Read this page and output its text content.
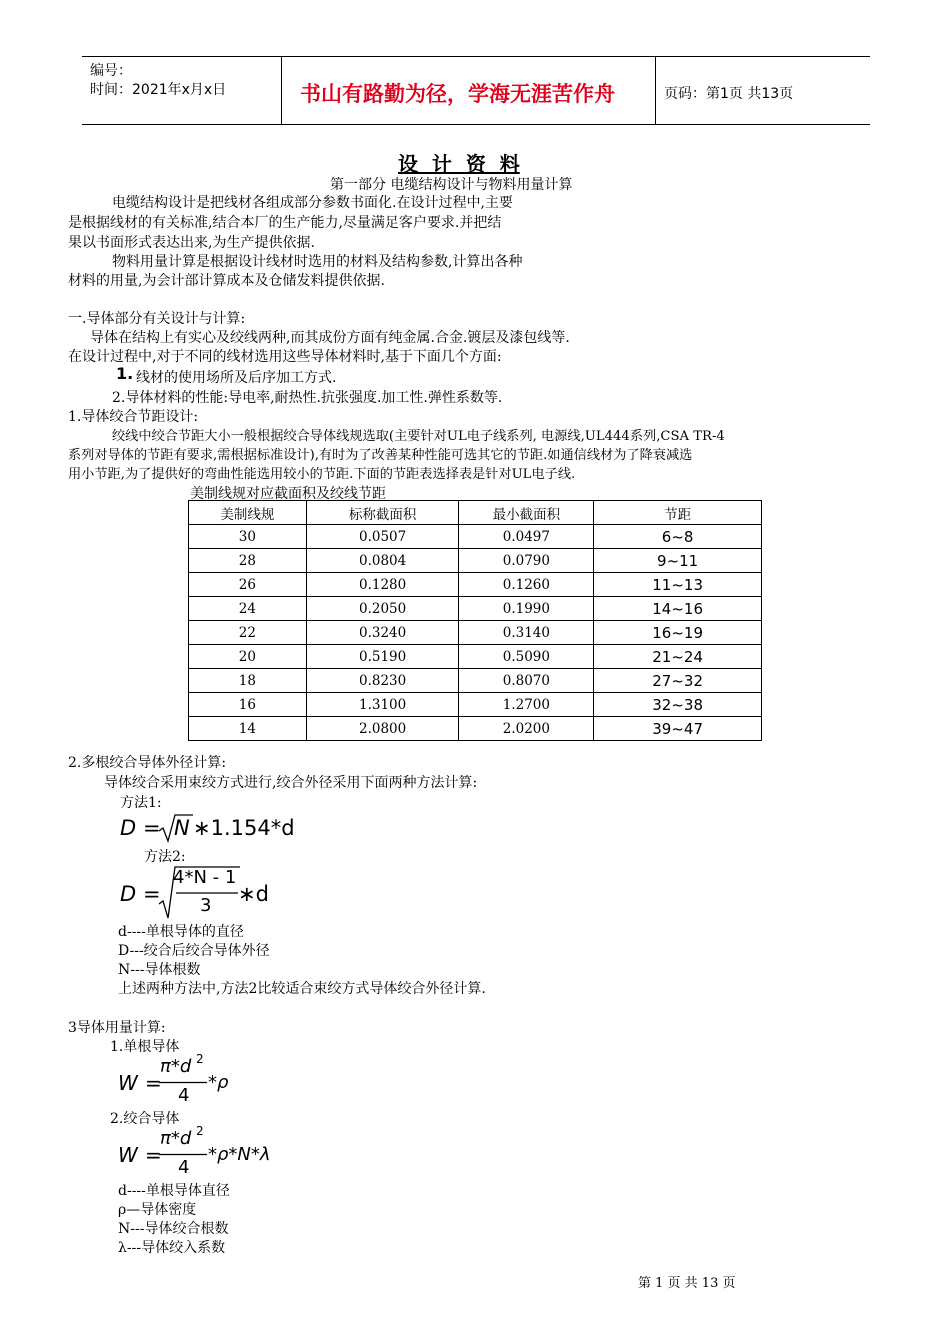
编号：
时间：2021年x月x日	书山有路勤为径，学海无涯苦作舟	页码：第1页 共13页
设  计  资  料
第一部分 电缆结构设计与物料用量计算
电缆结构设计是把线材各组成部分参数书面化.在设计过程中,主要
是根据线材的有关标准,结合本厂的生产能力,尽量满足客户要求.并把结
果以书面形式表达出来,为生产提供依据.
物料用量计算是根据设计线材时选用的材料及结构参数,计算出各种
材料的用量,为会计部计算成本及仓储发料提供依据.
一.导体部分有关设计与计算:
导体在结构上有实心及绞线两种,而其成份方面有纯金属.合金.镀层及漆包线等.
在设计过程中,对于不同的线材选用这些导体材料时,基于下面几个方面:
1. 线材的使用场所及后序加工方式.
2.导体材料的性能:导电率,耐热性.抗张强度.加工性.弹性系数等.
1.导体绞合节距设计:
绞线中绞合节距大小一般根据绞合导体线规选取(主要针对UL电子线系列, 电源线,UL444系列,CSA TR-4
系列对导体的节距有要求,需根据标准设计),有时为了改善某种性能可选其它的节距.如通信线材为了降衰减选
用小节距,为了提供好的弯曲性能选用较小的节距.下面的节距表选择表是针对UL电子线.
美制线规对应截面积及绞线节距
美制线规	标称截面积	最小截面积	节距
30	0.0507	0.0497	6~8
28	0.0804	0.0790	9~11
26	0.1280	0.1260	11~13
24	0.2050	0.1990	14~16
22	0.3240	0.3140	16~19
20	0.5190	0.5090	21~24
18	0.8230	0.8070	27~32
16	1.3100	1.2700	32~38
14	2.0800	2.0200	39~47
2.多根绞合导体外径计算:
导体绞合采用束绞方式进行,绞合外径采用下面两种方法计算:
方法1:
D = N ∗1.154*d
方法2:
D =
4*N - 1
3 ∗d
d----单根导体的直径
D---绞合后绞合导体外径
N---导体根数
上述两种方法中,方法2比较适合束绞方式导体绞合外径计算.
3导体用量计算:
1.单根导体
W =
π*d 2
4
*ρ
2.绞合导体
W =
π*d 2
4
*ρ*N*λ
d----单根导体直径
ρ—导体密度
N---导体绞合根数
λ---导体绞入系数
第 1 页 共 13 页
